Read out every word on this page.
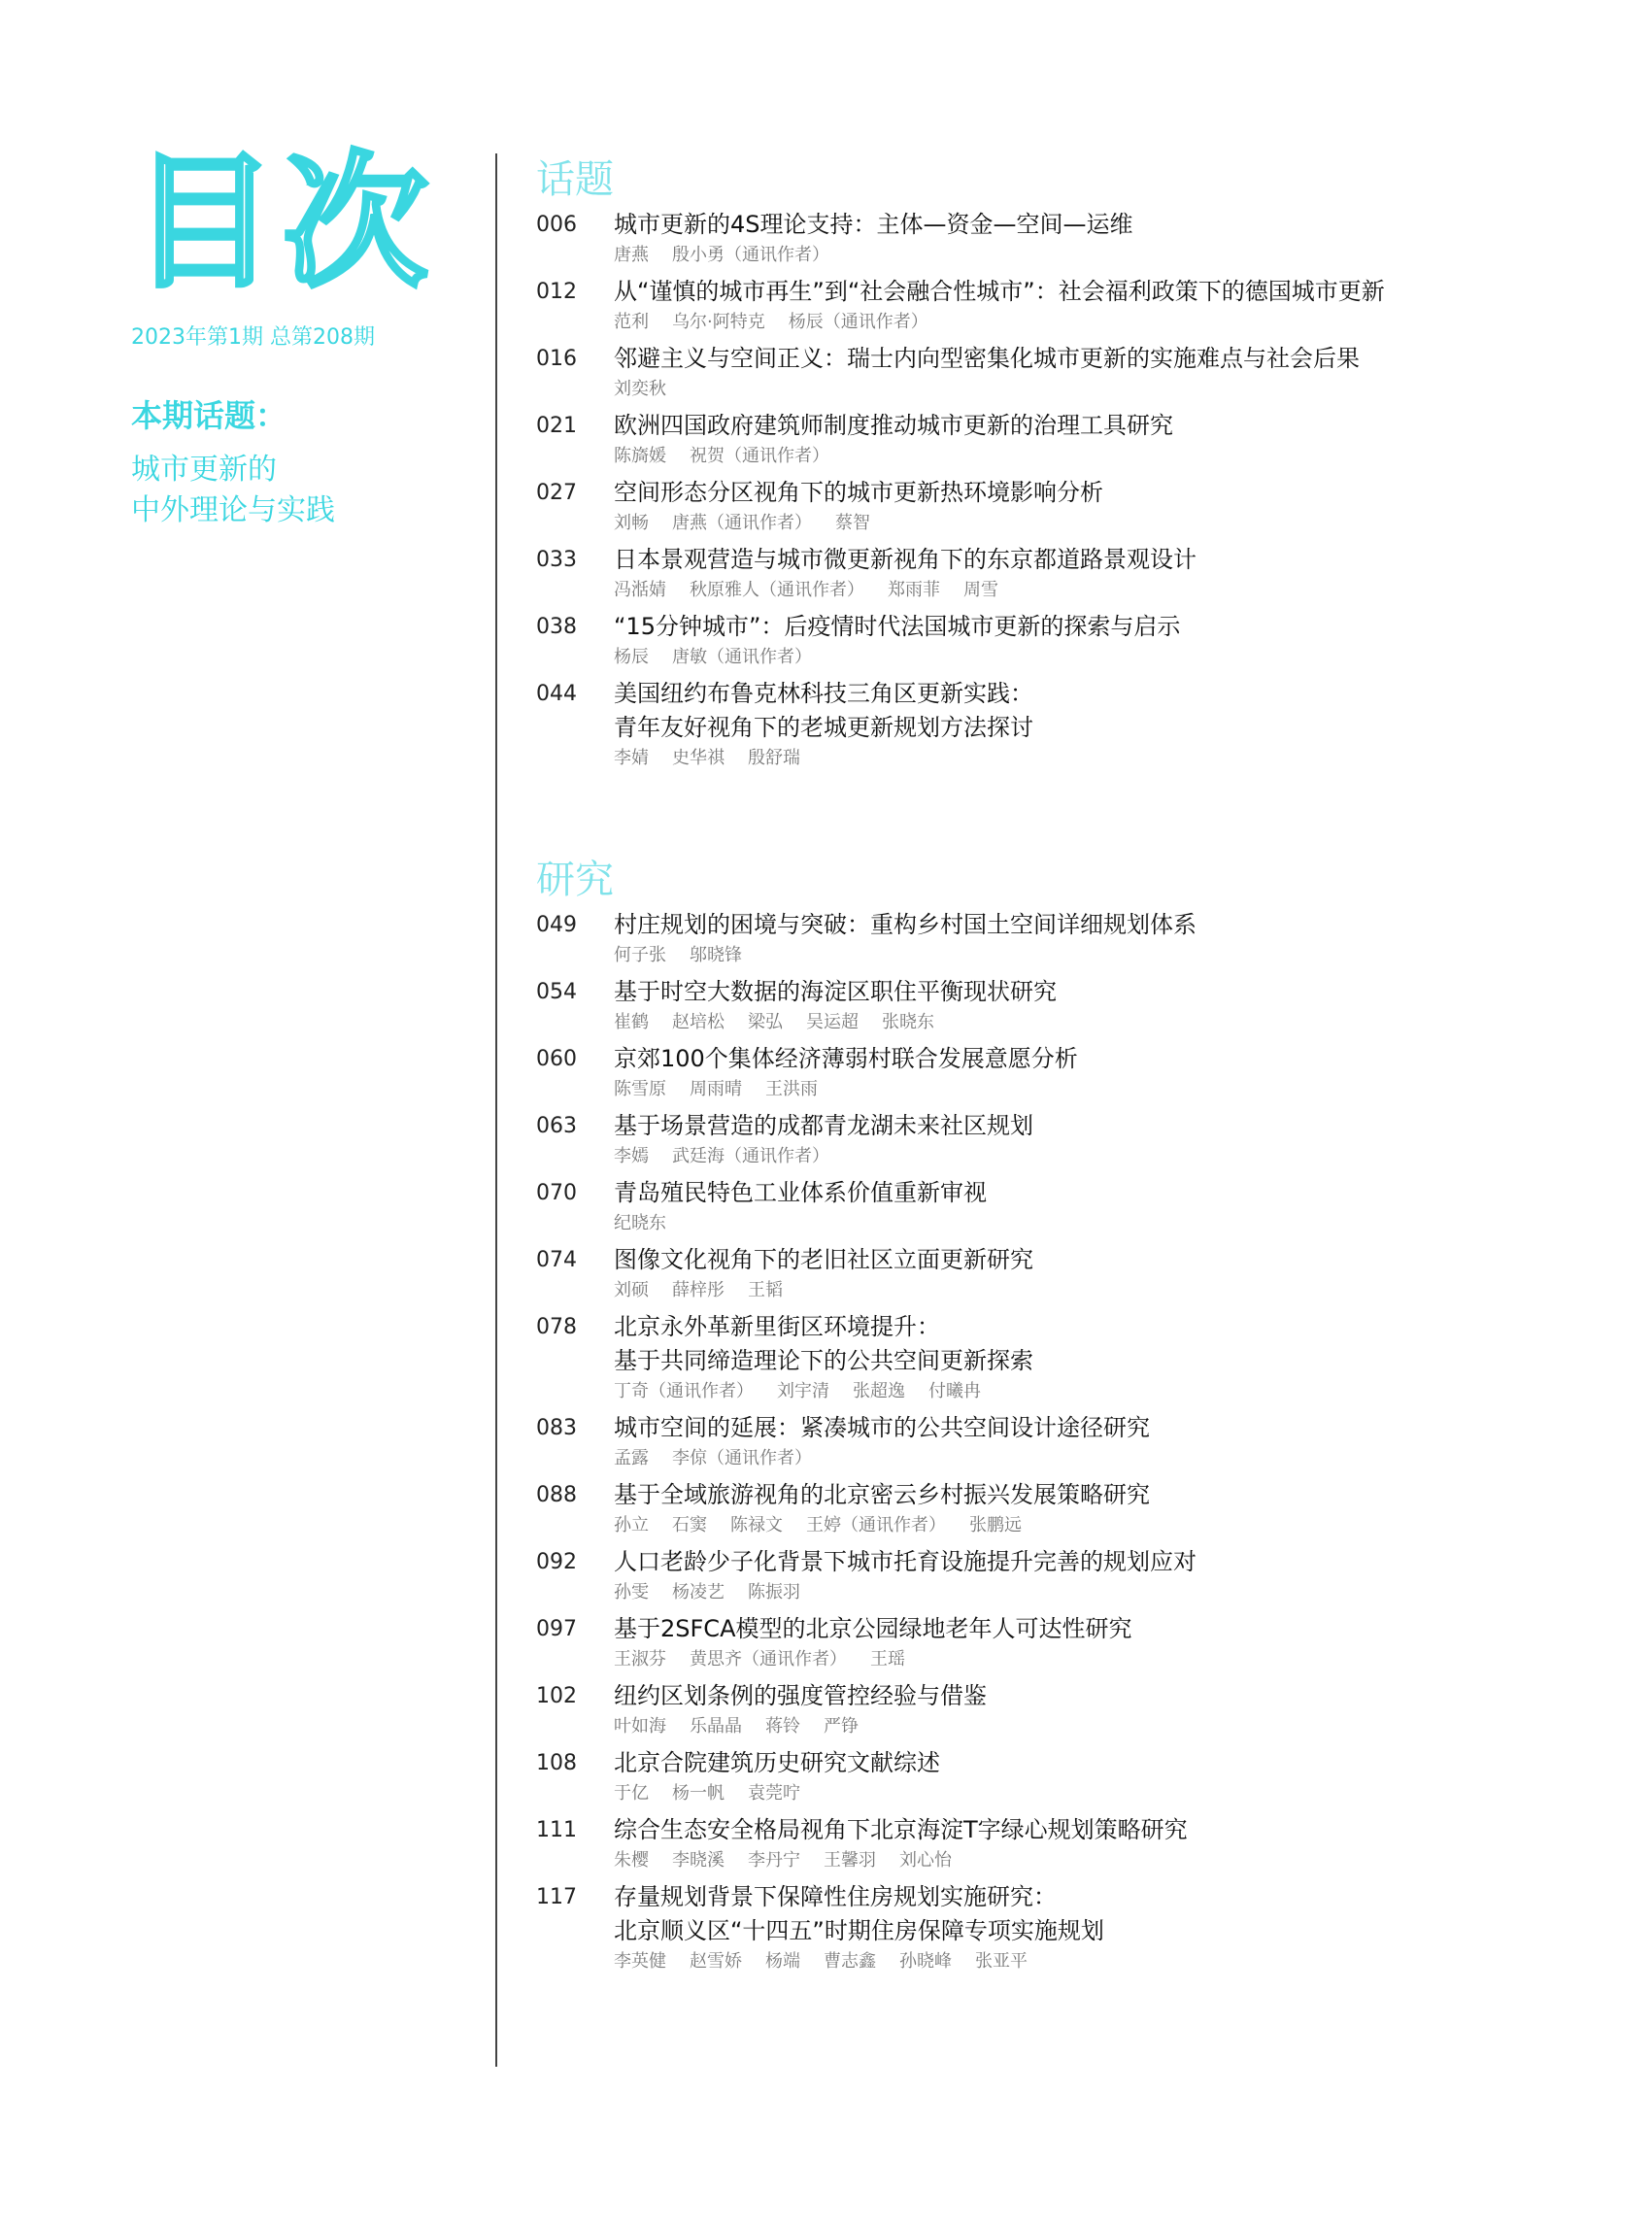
目次
2023年第1期 总第208期
本期话题：
城市更新的
中外理论与实践
话题
006	城市更新的4S理论支持：主体—资金—空间—运维
唐燕 殷小勇（通讯作者）
012	从“谨慎的城市再生”到“社会融合性城市”：社会福利政策下的德国城市更新
范利 乌尔·阿特克 杨辰（通讯作者）
016	邻避主义与空间正义：瑞士内向型密集化城市更新的实施难点与社会后果
刘奕秋
021	欧洲四国政府建筑师制度推动城市更新的治理工具研究
陈旖媛 祝贺（通讯作者）
027	空间形态分区视角下的城市更新热环境影响分析
刘畅 唐燕（通讯作者） 蔡智
033	日本景观营造与城市微更新视角下的东京都道路景观设计
冯湉婧 秋原雅人（通讯作者） 郑雨菲 周雪
038	“15分钟城市”：后疫情时代法国城市更新的探索与启示
杨辰 唐敏（通讯作者）
044	美国纽约布鲁克林科技三角区更新实践：
青年友好视角下的老城更新规划方法探讨
李婧 史华祺 殷舒瑞
研究
049	村庄规划的困境与突破：重构乡村国土空间详细规划体系
何子张 邬晓锋
054	基于时空大数据的海淀区职住平衡现状研究
崔鹤 赵培松 梁弘 吴运超 张晓东
060	京郊100个集体经济薄弱村联合发展意愿分析
陈雪原 周雨晴 王洪雨
063	基于场景营造的成都青龙湖未来社区规划
李嫣 武廷海（通讯作者）
070	青岛殖民特色工业体系价值重新审视
纪晓东
074	图像文化视角下的老旧社区立面更新研究
刘硕 薛梓彤 王韬
078	北京永外革新里街区环境提升：
基于共同缔造理论下的公共空间更新探索
丁奇（通讯作者） 刘宇清 张超逸 付曦冉
083	城市空间的延展：紧凑城市的公共空间设计途径研究
孟露 李倞（通讯作者）
088	基于全域旅游视角的北京密云乡村振兴发展策略研究
孙立 石窦 陈禄文 王婷（通讯作者） 张鹏远
092	人口老龄少子化背景下城市托育设施提升完善的规划应对
孙雯 杨凌艺 陈振羽
097	基于2SFCA模型的北京公园绿地老年人可达性研究
王淑芬 黄思齐（通讯作者） 王瑶
102	纽约区划条例的强度管控经验与借鉴
叶如海 乐晶晶 蒋铃 严铮
108	北京合院建筑历史研究文献综述
于亿 杨一帆 袁莞咛
111	综合生态安全格局视角下北京海淀T字绿心规划策略研究
朱樱 李晓溪 李丹宁 王馨羽 刘心怡
117	存量规划背景下保障性住房规划实施研究：
北京顺义区“十四五”时期住房保障专项实施规划
李英健 赵雪娇 杨端 曹志鑫 孙晓峰 张亚平
